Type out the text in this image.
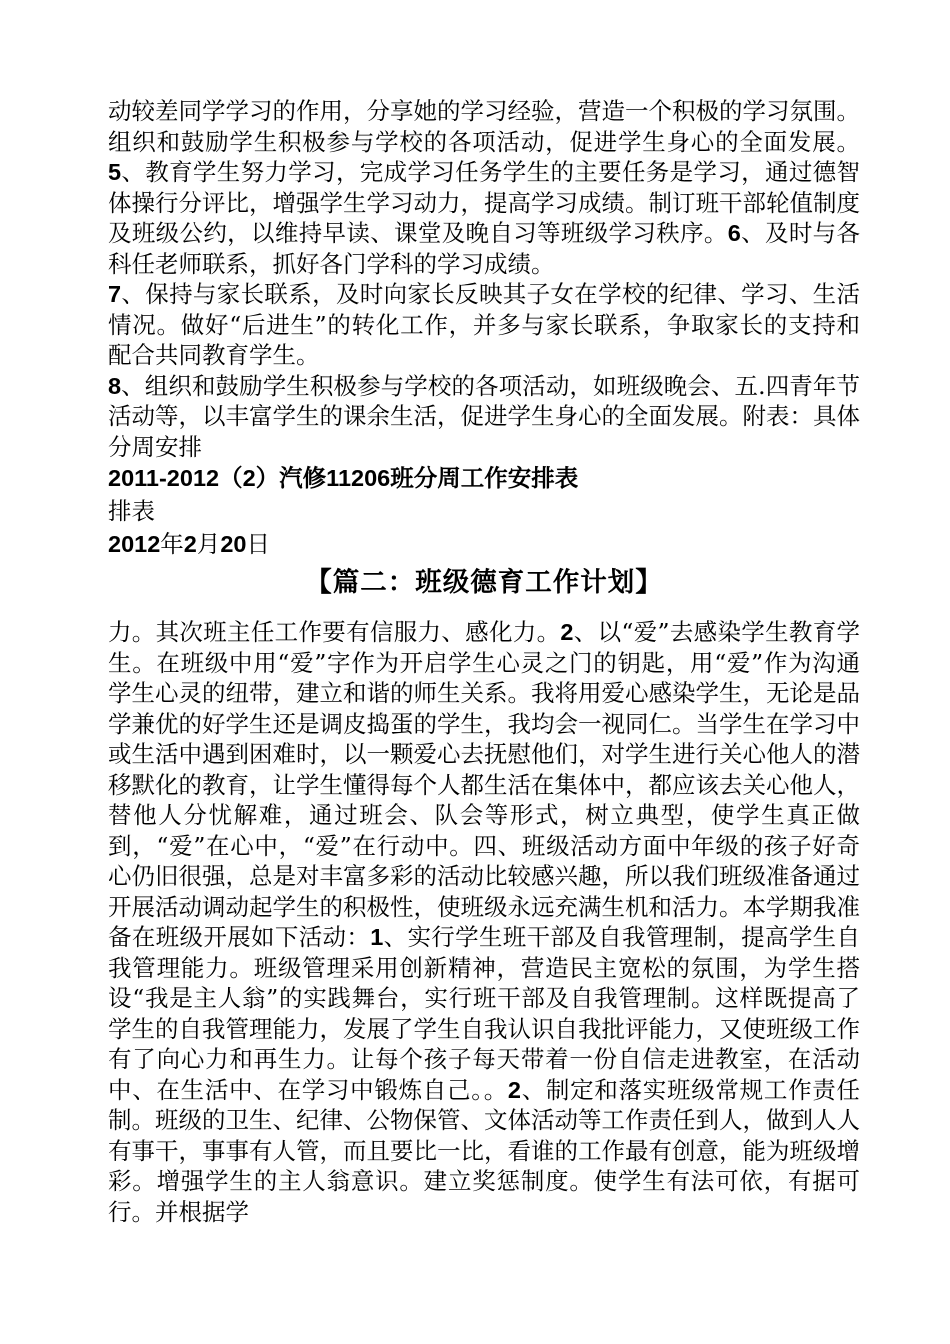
动较差同学学习的作用，分享她的学习经验，营造一个积极的学习氛围。组织和鼓励学生积极参与学校的各项活动，促进学生身心的全面发展。5、教育学生努力学习，完成学习任务学生的主要任务是学习，通过德智体操行分评比，增强学生学习动力，提高学习成绩。制订班干部轮值制度及班级公约，以维持早读、课堂及晚自习等班级学习秩序。6、及时与各科任老师联系，抓好各门学科的学习成绩。

7、保持与家长联系，及时向家长反映其子女在学校的纪律、学习、生活情况。做好“后进生”的转化工作，并多与家长联系，争取家长的支持和配合共同教育学生。

8、组织和鼓励学生积极参与学校的各项活动，如班级晚会、五.四青年节活动等，以丰富学生的课余生活，促进学生身心的全面发展。附表：具体分周安排

2011-2012（2）汽修11206班分周工作安排表

排表

2012年2月20日

【篇二：班级德育工作计划】

力。其次班主任工作要有信服力、感化力。2、以“爱”去感染学生教育学生。在班级中用“爱”字作为开启学生心灵之门的钥匙，用“爱”作为沟通学生心灵的纽带，建立和谐的师生关系。我将用爱心感染学生，无论是品学兼优的好学生还是调皮捣蛋的学生，我均会一视同仁。当学生在学习中或生活中遇到困难时，以一颗爱心去抚慰他们，对学生进行关心他人的潜移默化的教育，让学生懂得每个人都生活在集体中，都应该去关心他人，替他人分忧解难，通过班会、队会等形式，树立典型，使学生真正做到，“爱”在心中，“爱”在行动中。四、班级活动方面中年级的孩子好奇心仍旧很强，总是对丰富多彩的活动比较感兴趣，所以我们班级准备通过开展活动调动起学生的积极性，使班级永远充满生机和活力。本学期我准备在班级开展如下活动：1、实行学生班干部及自我管理制，提高学生自我管理能力。班级管理采用创新精神，营造民主宽松的氛围，为学生搭设“我是主人翁”的实践舞台，实行班干部及自我管理制。这样既提高了学生的自我管理能力，发展了学生自我认识自我批评能力，又使班级工作有了向心力和再生力。让每个孩子每天带着一份自信走进教室，在活动中、在生活中、在学习中锻炼自己。。2、制定和落实班级常规工作责任制。班级的卫生、纪律、公物保管、文体活动等工作责任到人，做到人人有事干，事事有人管，而且要比一比，看谁的工作最有创意，能为班级增彩。增强学生的主人翁意识。建立奖惩制度。使学生有法可依，有据可行。并根据学
